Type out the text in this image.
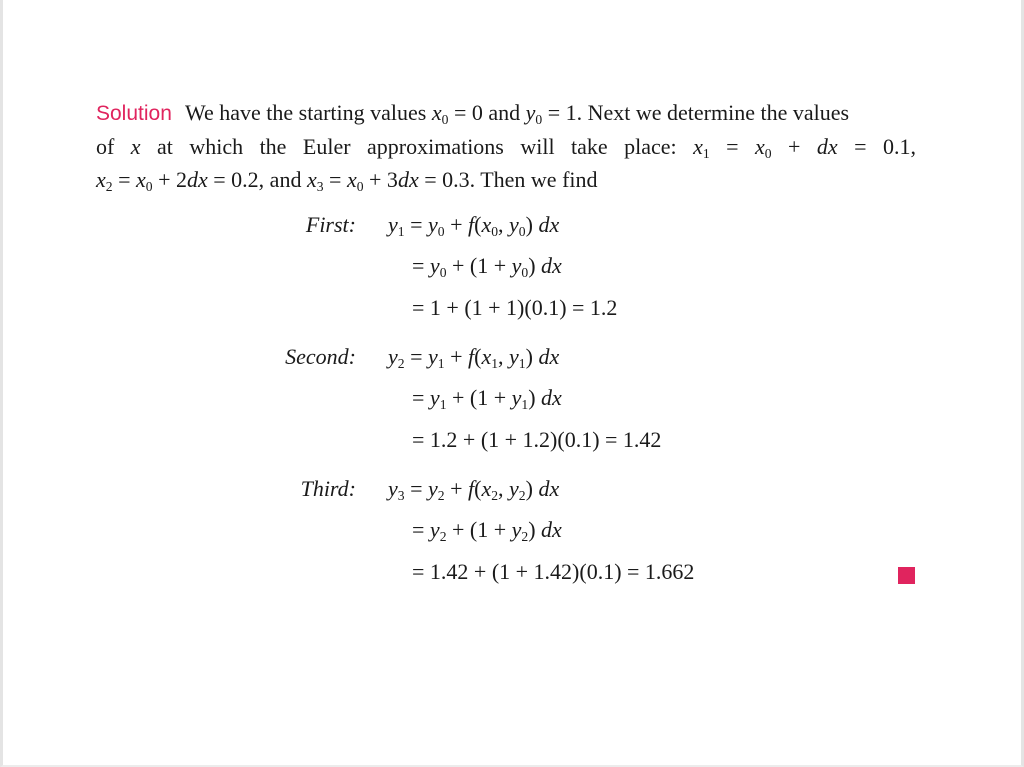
Solution We have the starting values $x_0 = 0$ and $y_0 = 1$. Next we determine the values
of x at which the Euler approximations will take place: $x_1 = x_0$ + dx = 0.1,
$x_2 = x_0 + 2dx = 0.2$, and $x_3 = x_0 + 3dx = 0.3$. Then we find
First: $y_1 = y_0 + f(x_0$, $y_0$) dx
= $y_0 + (1 + y_0)$ dx
= 1 + (1 + 1)(0.1) = 1.2
Second: $y_2 = y_1 + f(x_1$, $y_1$) dx
= $y_1 + (1 + y_1)$ dx
= 1.2 + (1 + 1.2)(0.1) = 1.42
Third: $y_3 = y_2 + f(x_2$, $y_2$) dx
= $y_2 + (1 + y_2)$ dx
= 1.42 + (1 + 1.42)(0.1) = 1.662
